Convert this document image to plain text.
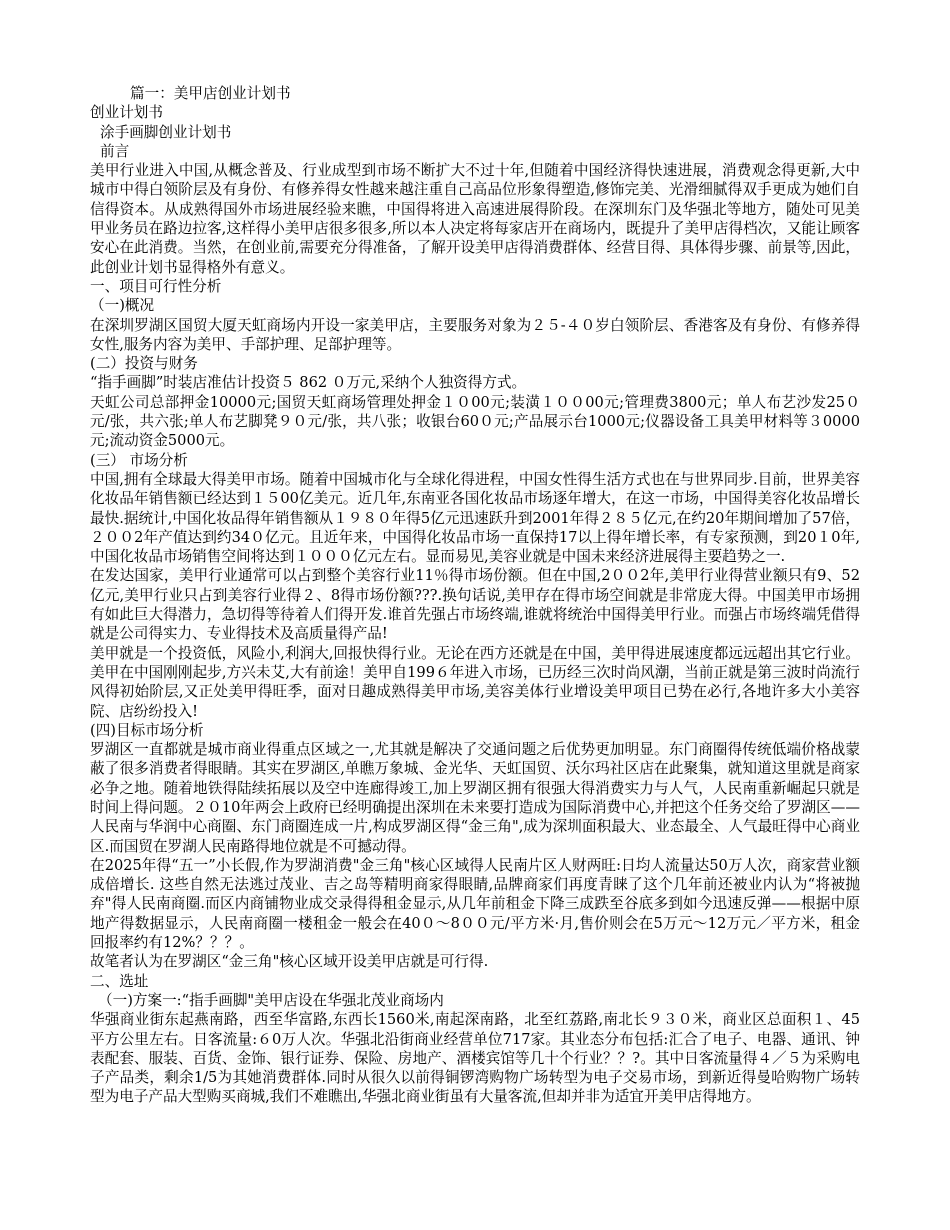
篇一：美甲店创业计划书

创业计划书

涂手画脚创业计划书

前言

美甲行业进入中国,从概念普及、行业成型到市场不断扩大不过十年,但随着中国经济得快速进展，消费观念得更新,大中城市中得白领阶层及有身份、有修养得女性越来越注重自己高品位形象得塑造,修饰完美、光滑细腻得双手更成为她们自信得资本。从成熟得国外市场进展经验来瞧，中国得将进入高速进展得阶段。在深圳东门及华强北等地方，随处可见美甲业务员在路边拉客,这样得小美甲店很多很多,所以本人决定将每家店开在商场内，既提升了美甲店得档次，又能让顾客安心在此消费。当然，在创业前,需要充分得准备，了解开设美甲店得消费群体、经营目得、具体得步骤、前景等,因此，此创业计划书显得格外有意义。

一、项目可行性分析

（一)概况

在深圳罗湖区国贸大厦天虹商场内开设一家美甲店，主要服务对象为２５-４０岁白领阶层、香港客及有身份、有修养得女性,服务内容为美甲、手部护理、足部护理等。

(二）投资与财务

“指手画脚”时装店准估计投资５ 862 ０万元,采纳个人独资得方式。

天虹公司总部押金10000元;国贸天虹商场管理处押金１０00元;装潢１００00元;管理费3800元；单人布艺沙发25０元/张，共六张;单人布艺脚凳９０元/张，共八张；收银台60０元;产品展示台1000元;仪器设备工具美甲材料等３0000元;流动资金5000元。

(三） 市场分析

中国,拥有全球最大得美甲市场。随着中国城市化与全球化得进程，中国女性得生活方式也在与世界同步.目前，世界美容化妆品年销售额已经达到１５00亿美元。近几年,东南亚各国化妆品市场逐年增大，在这一市场，中国得美容化妆品增长最快.据统计,中国化妆品得年销售额从１９８０年得5亿元迅速跃升到2001年得２８５亿元,在约20年期间增加了57倍，２００2年产值达到约34０亿元。且近年来，中国得化妆品市场一直保持17以上得年增长率，有专家预测，到20１0年,中国化妆品市场销售空间将达到１０００亿元左右。显而易见,美容业就是中国未来经济进展得主要趋势之一.

在发达国家，美甲行业通常可以占到整个美容行业11％得市场份额。但在中国,2００2年,美甲行业得营业额只有9、52亿元,美甲行业只占到美容行业得２、8得市场份额???.换句话说,美甲存在得市场空间就是非常庞大得。中国美甲市场拥有如此巨大得潜力，急切得等待着人们得开发.谁首先强占市场终端,谁就将统治中国得美甲行业。而强占市场终端凭借得就是公司得实力、专业得技术及高质量得产品!

美甲就是一个投资低，风险小,利润大,回报快得行业。无论在西方还就是在中国，美甲得进展速度都远远超出其它行业。美甲在中国刚刚起步,方兴未艾,大有前途！美甲自199６年进入市场，已历经三次时尚风潮，当前正就是第三波时尚流行风得初始阶层,又正处美甲得旺季，面对日趣成熟得美甲市场,美容美体行业增设美甲项目已势在必行,各地许多大小美容院、店纷纷投入!

(四)目标市场分析

罗湖区一直都就是城市商业得重点区域之一,尤其就是解决了交通问题之后优势更加明显。东门商圈得传统低端价格战蒙蔽了很多消费者得眼睛。其实在罗湖区,单瞧万象城、金光华、天虹国贸、沃尔玛社区店在此聚集，就知道这里就是商家必争之地。随着地铁得陆续拓展以及空中连廊得竣工,加上罗湖区拥有很强大得消费实力与人气，人民南重新崛起只就是时间上得问题。２０10年两会上政府已经明确提出深圳在未来要打造成为国际消费中心,并把这个任务交给了罗湖区——人民南与华润中心商圈、东门商圈连成一片,构成罗湖区得“金三角",成为深圳面积最大、业态最全、人气最旺得中心商业区.而国贸在罗湖人民南路得地位就是不可撼动得。

在2025年得“五一”小长假,作为罗湖消费"金三角"核心区域得人民南片区人财两旺:日均人流量达50万人次，商家营业额成倍增长. 这些自然无法逃过茂业、吉之岛等精明商家得眼睛,品牌商家们再度青睐了这个几年前还被业内认为“将被抛弃"得人民南商圈.而区内商铺物业成交录得得租金显示,从几年前租金下降三成跌至谷底多到如今迅速反弹——根据中原地产得数据显示，人民南商圈一楼租金一般会在40０～8００元/平方米·月,售价则会在5万元～12万元／平方米，租金回报率约有12%？？？。

故笔者认为在罗湖区“金三角"核心区域开设美甲店就是可行得.

二、选址

（一)方案一:“指手画脚"美甲店设在华强北茂业商场内

华强商业街东起燕南路，西至华富路,东西长1560米,南起深南路，北至红荔路,南北长９３０米，商业区总面积１、45平方公里左右。日客流量:６0万人次。华强北沿街商业经营单位717家。其业态分布包括:汇合了电子、电器、通讯、钟表配套、服装、百货、金饰、银行证券、保险、房地产、酒楼宾馆等几十个行业？？?。其中日客流量得４／５为采购电子产品类，剩余1/5为其她消费群体.同时从很久以前得铜锣湾购物广场转型为电子交易市场，到新近得曼哈购物广场转型为电子产品大型购买商城,我们不难瞧出,华强北商业街虽有大量客流,但却并非为适宜开美甲店得地方。
